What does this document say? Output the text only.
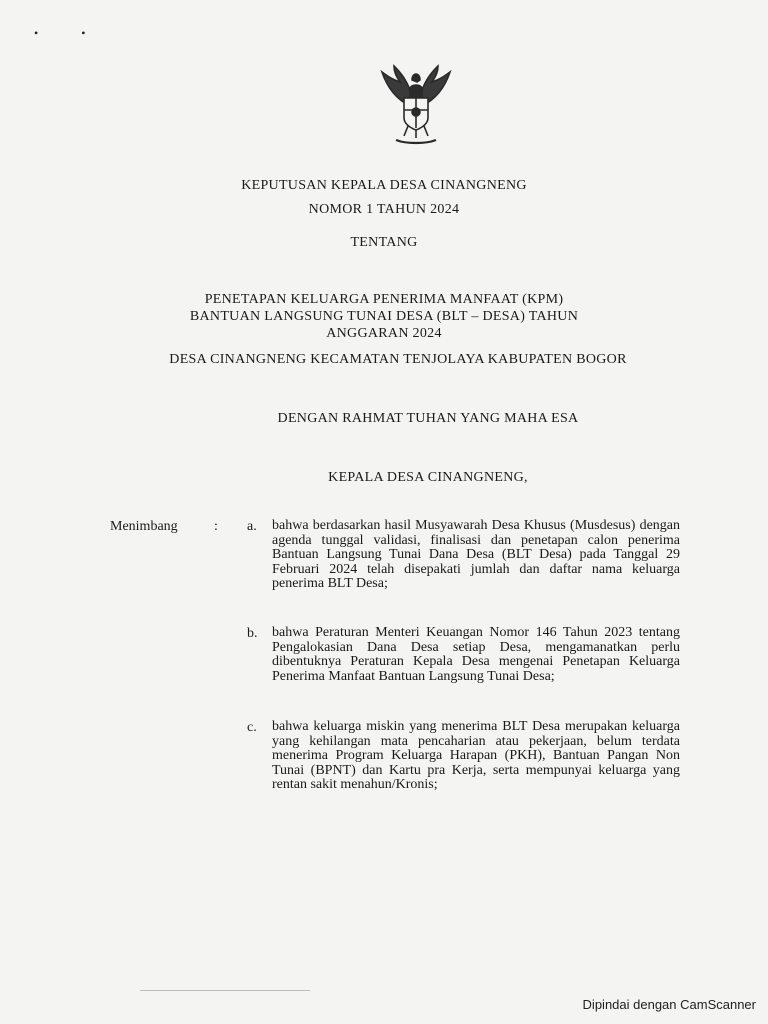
• •
KEPUTUSAN KEPALA DESA CINANGNENG
NOMOR 1 TAHUN 2024
TENTANG
PENETAPAN KELUARGA PENERIMA MANFAAT (KPM)
BANTUAN LANGSUNG TUNAI DESA (BLT – DESA) TAHUN
ANGGARAN 2024
DESA CINANGNENG KECAMATAN TENJOLAYA KABUPATEN BOGOR
DENGAN RAHMAT TUHAN YANG MAHA ESA
KEPALA DESA CINANGNENG,
Menimbang	: a.	bahwa berdasarkan hasil Musyawarah Desa Khusus (Musdesus) dengan agenda tunggal validasi, finalisasi dan penetapan calon penerima Bantuan Langsung Tunai Dana Desa (BLT Desa) pada Tanggal 29 Februari 2024 telah disepakati jumlah dan daftar nama keluarga penerima BLT Desa;
b.	bahwa Peraturan Menteri Keuangan Nomor 146 Tahun 2023 tentang Pengalokasian Dana Desa setiap Desa, mengamanatkan perlu dibentuknya Peraturan Kepala Desa mengenai Penetapan Keluarga Penerima Manfaat Bantuan Langsung Tunai Desa;
c.	bahwa keluarga miskin yang menerima BLT Desa merupakan keluarga yang kehilangan mata pencaharian atau pekerjaan, belum terdata menerima Program Keluarga Harapan (PKH), Bantuan Pangan Non Tunai (BPNT) dan Kartu pra Kerja, serta mempunyai keluarga yang rentan sakit menahun/Kronis;
Dipindai dengan CamScanner
